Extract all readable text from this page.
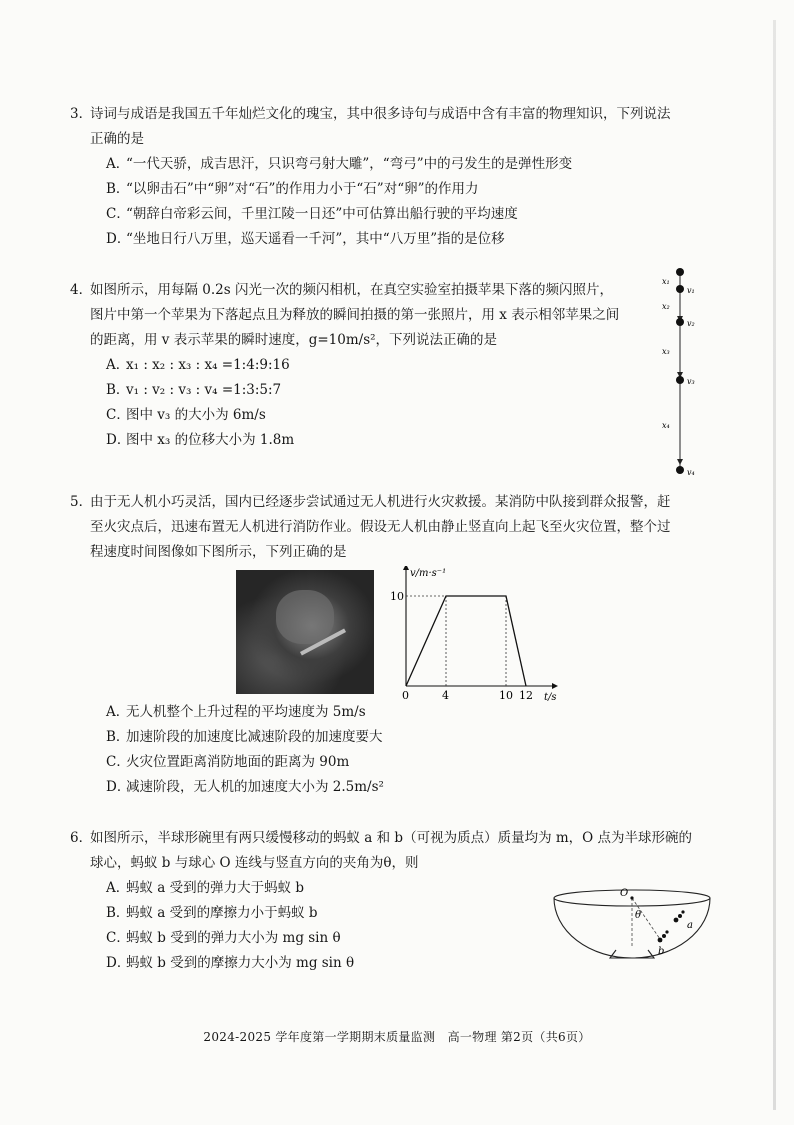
3．
诗词与成语是我国五千年灿烂文化的瑰宝，其中很多诗句与成语中含有丰富的物理知识，下列说法
正确的是
A．
“一代天骄，成吉思汗，只识弯弓射大雕”，“弯弓”中的弓发生的是弹性形变
B．
“以卵击石”中“卵”对“石”的作用力小于“石”对“卵”的作用力
C．
“朝辞白帝彩云间，千里江陵一日还”中可估算出船行驶的平均速度
D．
“坐地日行八万里，巡天遥看一千河”，其中“八万里”指的是位移
4．
如图所示，用每隔 0.2s 闪光一次的频闪相机，在真空实验室拍摄苹果下落的频闪照片，
图片中第一个苹果为下落起点且为释放的瞬间拍摄的第一张照片，用 x 表示相邻苹果之间
的距离，用 v 表示苹果的瞬时速度，g=10m/s²，下列说法正确的是
A．
x₁ : x₂ : x₃ : x₄ =1:4:9:16
B．
v₁ : v₂ : v₃ : v₄ =1:3:5:7
C．
图中 v₃ 的大小为 6m/s
D．
图中 x₃ 的位移大小为 1.8m
x₁
x₂
x₃
x₄
v₁
v₂
v₃
v₄
5．
由于无人机小巧灵活，国内已经逐步尝试通过无人机进行火灾救援。某消防中队接到群众报警，赶
至火灾点后，迅速布置无人机进行消防作业。假设无人机由静止竖直向上起飞至火灾位置，整个过
程速度时间图像如下图所示，下列正确的是
0	4	10 12
10
v/m·s⁻¹
t/s
A．
无人机整个上升过程的平均速度为 5m/s
B．
加速阶段的加速度比减速阶段的加速度要大
C．
火灾位置距离消防地面的距离为 90m
D．
减速阶段，无人机的加速度大小为 2.5m/s²
6．
如图所示，半球形碗里有两只缓慢移动的蚂蚁 a 和 b（可视为质点）质量均为 m，O 点为半球形碗的
球心，蚂蚁 b 与球心 O 连线与竖直方向的夹角为θ，则
A．
蚂蚁 a 受到的弹力大于蚂蚁 b
B．
蚂蚁 a 受到的摩擦力小于蚂蚁 b
C．
蚂蚁 b 受到的弹力大小为 mg sin θ
D．
蚂蚁 b 受到的摩擦力大小为 mg sin θ
O
θ
a
b
2024-2025 学年度第一学期期末质量监测　高一物理 第2页（共6页）
